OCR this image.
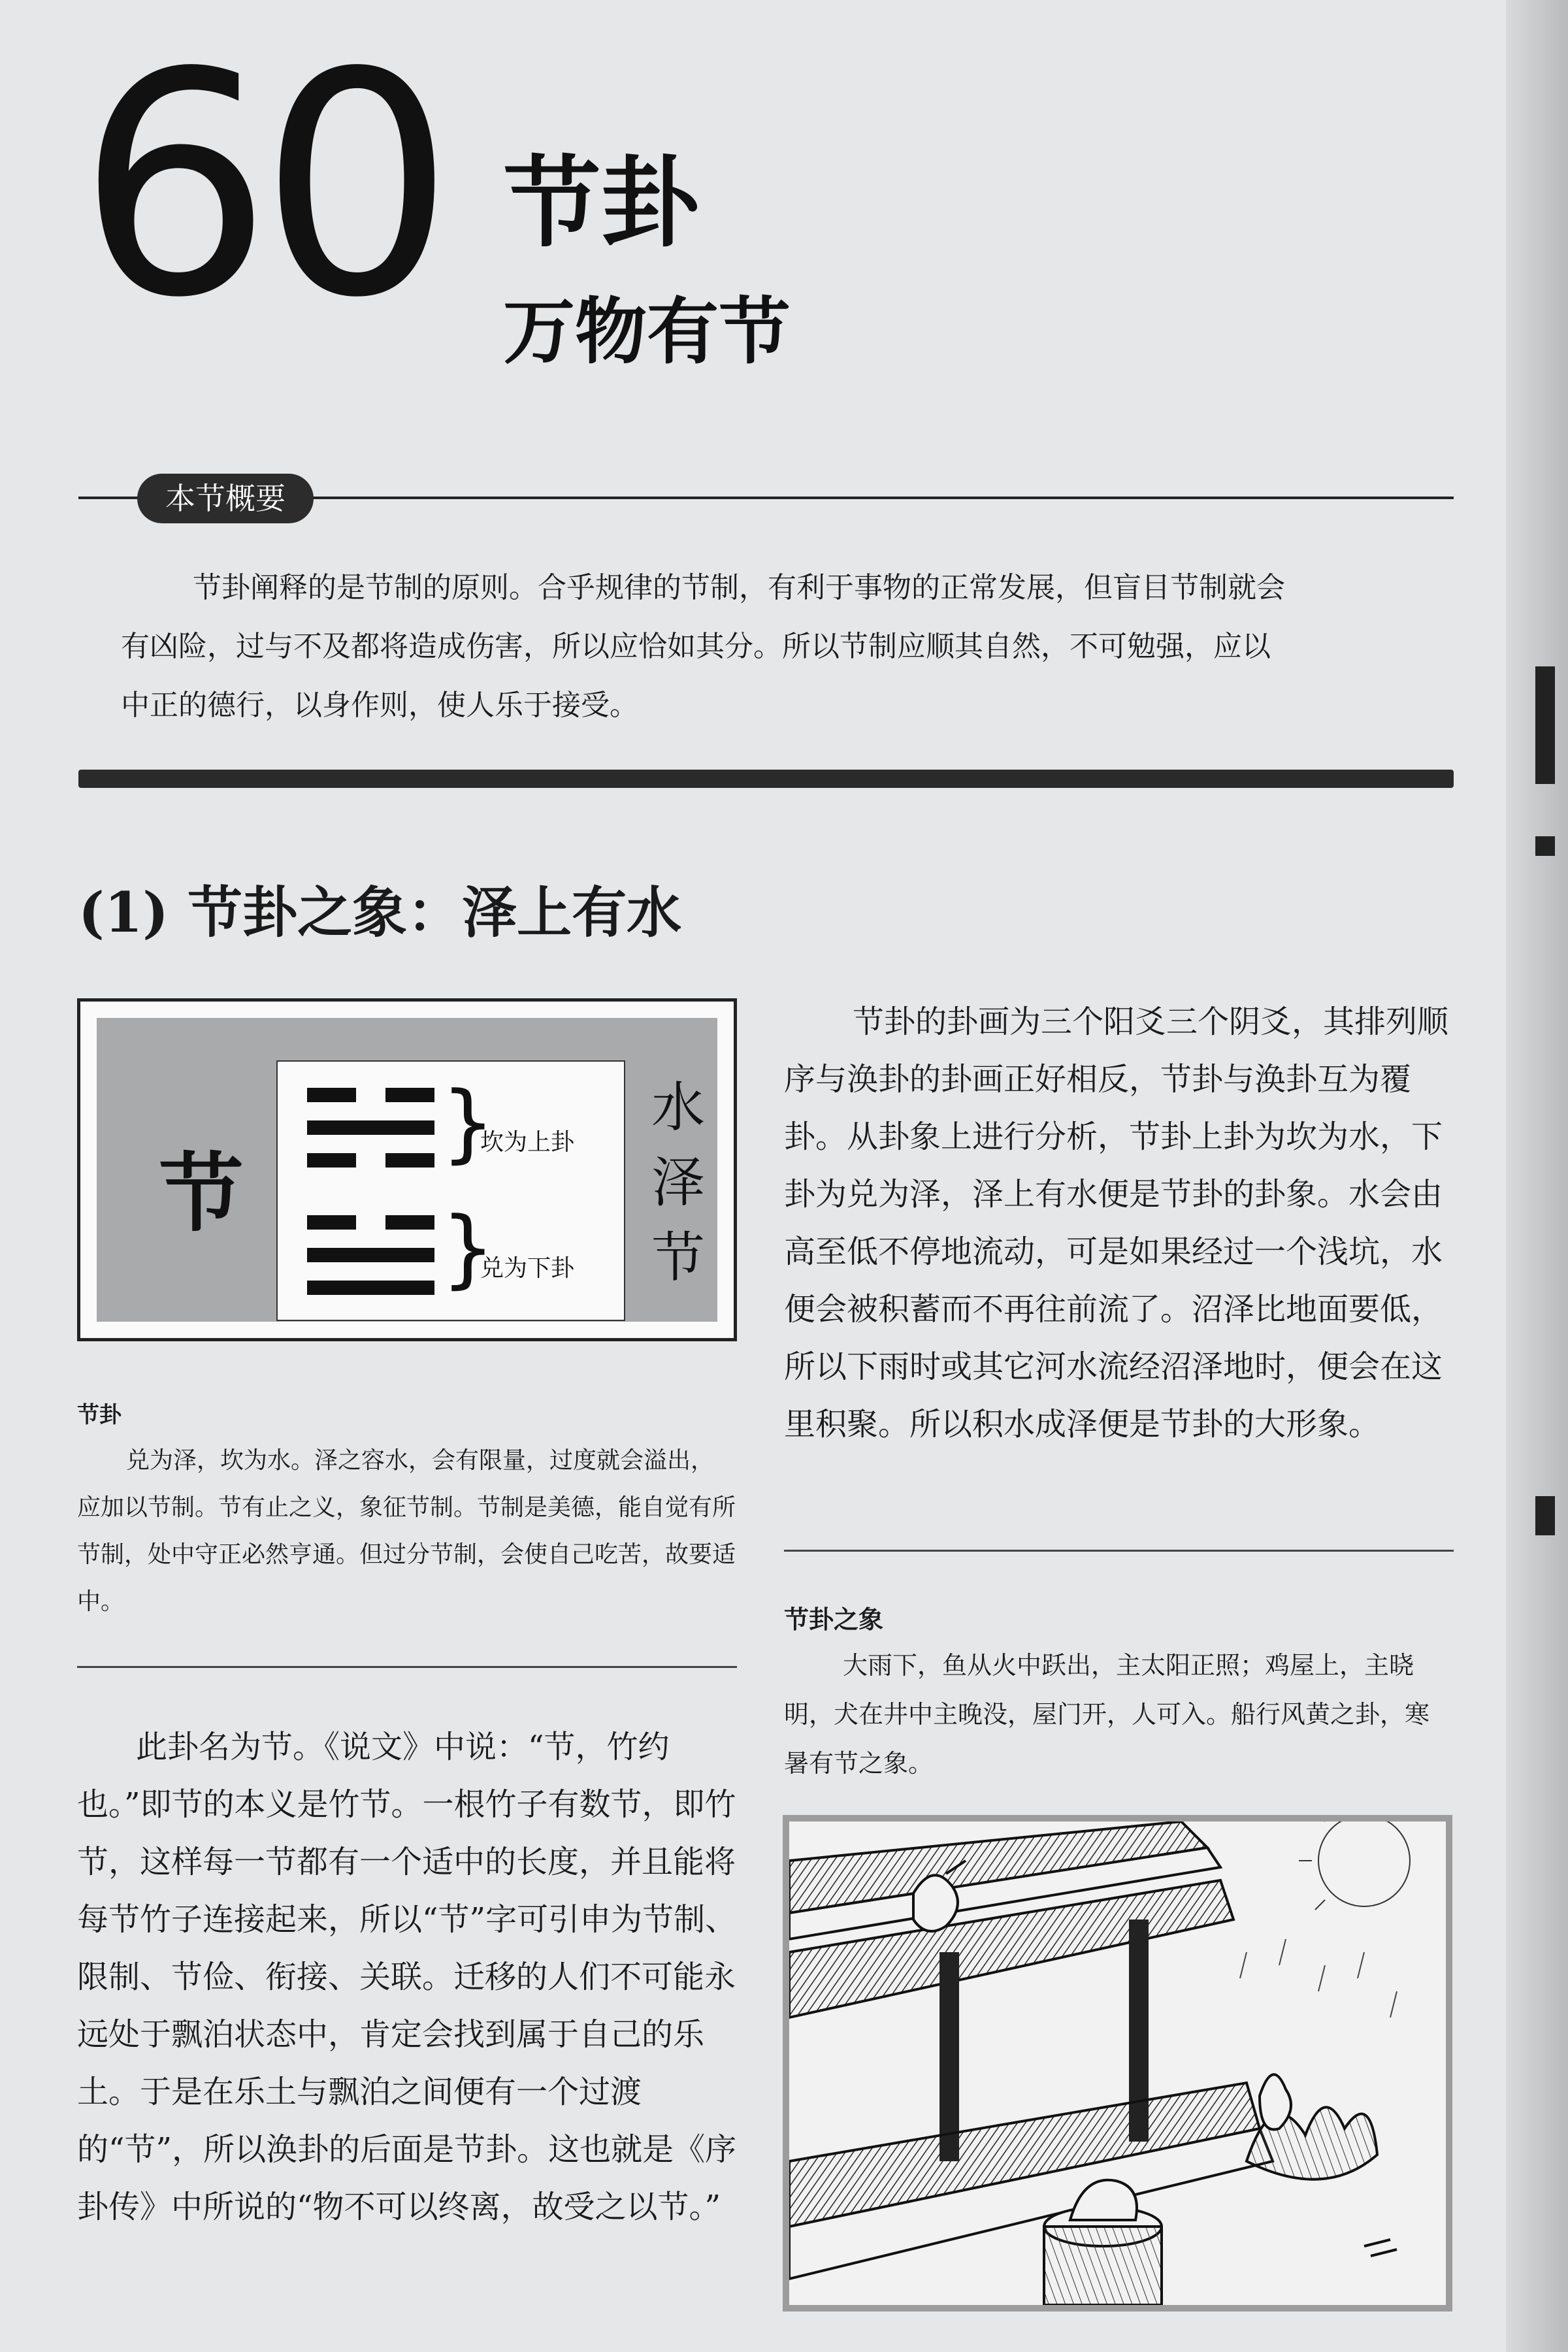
60 节卦
万物有节
本节概要

节卦阐释的是节制的原则。合乎规律的节制，有利于事物的正常发展，但盲目节制就会

有凶险，过与不及都将造成伤害，所以应恰如其分。所以节制应顺其自然，不可勉强，应以

中正的德行，以身作则，使人乐于接受。

(1) 节卦之象：泽上有水
节
}
}
坎为上卦
兑为下卦
水
泽
节
节卦

兑为泽，坎为水。泽之容水，会有限量，过度就会溢出，应加以节制。节有止之义，象征节制。节制是美德，能自觉有所节制，处中守正必然亨通。但过分节制，会使自己吃苦，故要适中。

此卦名为节。《说文》中说：“节，竹约也。”即节的本义是竹节。一根竹子有数节，即竹节，这样每一节都有一个适中的长度，并且能将每节竹子连接起来，所以“节”字可引申为节制、限制、节俭、衔接、关联。迁移的人们不可能永远处于飘泊状态中，肯定会找到属于自己的乐土。于是在乐土与飘泊之间便有一个过渡的“节”，所以涣卦的后面是节卦。这也就是《序卦传》中所说的“物不可以终离，故受之以节。”

节卦的卦画为三个阳爻三个阴爻，其排列顺序与涣卦的卦画正好相反，节卦与涣卦互为覆卦。从卦象上进行分析，节卦上卦为坎为水，下卦为兑为泽，泽上有水便是节卦的卦象。水会由高至低不停地流动，可是如果经过一个浅坑，水便会被积蓄而不再往前流了。沼泽比地面要低，所以下雨时或其它河水流经沼泽地时，便会在这里积聚。所以积水成泽便是节卦的大形象。

节卦之象

大雨下，鱼从火中跃出，主太阳正照；鸡屋上，主晓明，犬在井中主晚没，屋门开，人可入。船行风黄之卦，寒暑有节之象。
